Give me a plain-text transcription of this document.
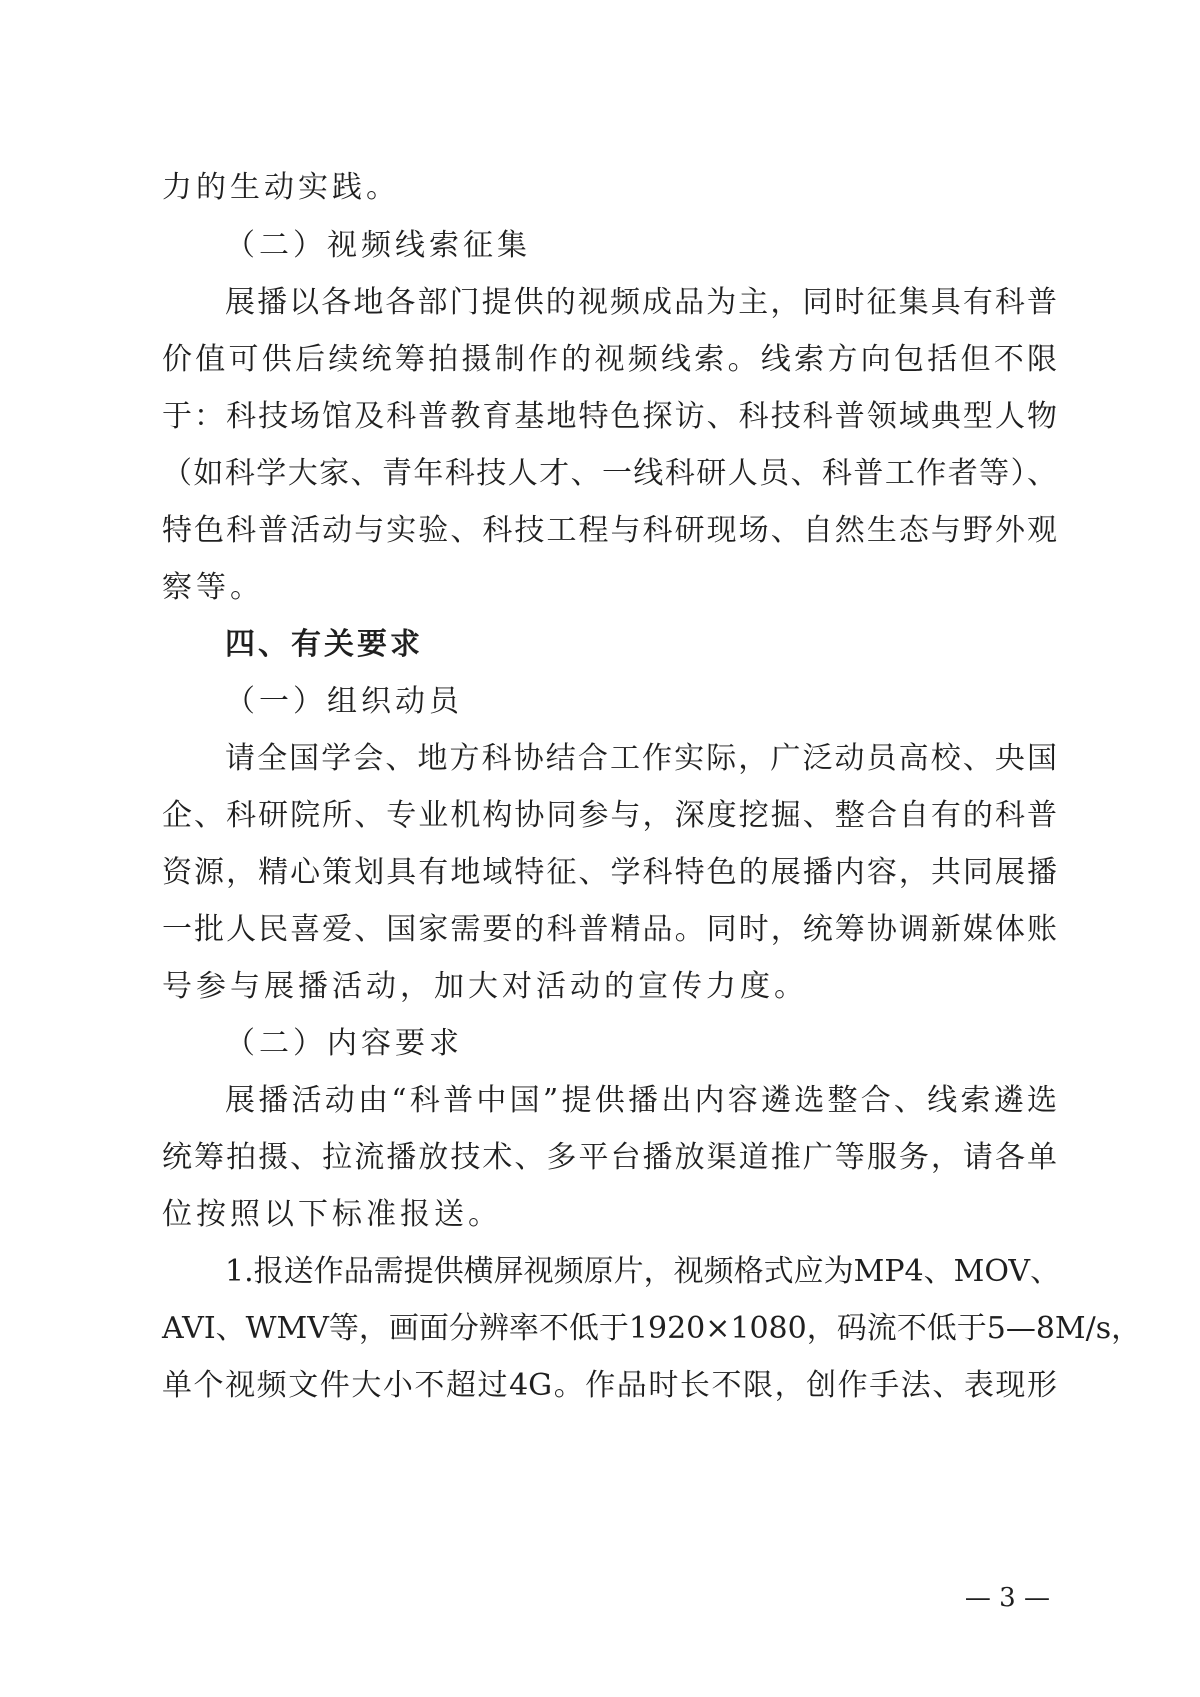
力的生动实践。
（二）视频线索征集
展播以各地各部门提供的视频成品为主，同时征集具有科普
价值可供后续统筹拍摄制作的视频线索。线索方向包括但不限
于：科技场馆及科普教育基地特色探访、科技科普领域典型人物
（如科学大家、青年科技人才、一线科研人员、科普工作者等）、
特色科普活动与实验、科技工程与科研现场、自然生态与野外观
察等。
四、有关要求
（一）组织动员
请全国学会、地方科协结合工作实际，广泛动员高校、央国
企、科研院所、专业机构协同参与，深度挖掘、整合自有的科普
资源，精心策划具有地域特征、学科特色的展播内容，共同展播
一批人民喜爱、国家需要的科普精品。同时，统筹协调新媒体账
号参与展播活动，加大对活动的宣传力度。
（二）内容要求
展播活动由“科普中国”提供播出内容遴选整合、线索遴选
统筹拍摄、拉流播放技术、多平台播放渠道推广等服务，请各单
位按照以下标准报送。
1.报送作品需提供横屏视频原片，视频格式应为MP4、MOV、
AVI、WMV等，画面分辨率不低于1920×1080，码流不低于5—8M/s，
单个视频文件大小不超过4G。作品时长不限，创作手法、表现形
— 3 —
